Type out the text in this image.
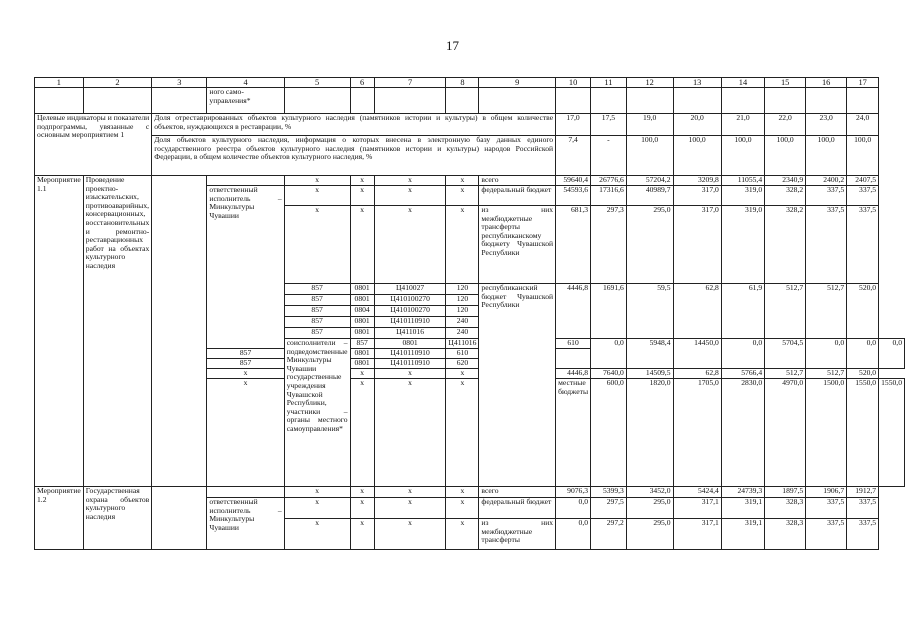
17
1	2	3	4	5	6	7	8	9	10	11	12	13	14	15	16	17	
			ного само-управления*														
Целевые индикаторы и показатели подпрограммы, увязанные с основным мероприятием 1		Доля отреставрированных объектов культурного наследия (памятников истории и культуры) в общем количестве объектов, нуждающихся в реставрации, %							17,0	17,5	19,0	20,0	21,0	22,0	23,0	24,0	
		Доля объектов культурного наследия, информация о которых внесена в электронную базу данных единого государственного реестра объектов культурного наследия (памятников истории и культуры) народов Российской Федерации, в общем количестве объектов культурного наследия, %							7,4	-	100,0	100,0	100,0	100,0	100,0	100,0	
Мероприятие 1.1	Проведение проектно-изыскательских, противоаварийных, консервационных, восстановительных и ремонтно-реставрационных работ на объектах культурного наследия			x	x	x	x	всего	59640,4	26776,6	57204,2	3209,8	11055,4	2340,9	2400,2	2407,5	
			ответственный исполнитель – Минкультуры Чувашии	x	x	x	x	федеральный бюджет	54593,6	17316,6	40989,7	317,0	319,0	328,2	337,5	337,5	
				x	x	x	x	из них межбюджетные трансферты республиканскому бюджету Чувашской Республики	681,3	297,3	295,0	317,0	319,0	328,2	337,5	337,5	
				857	0801	Ц410027	120	республиканский бюджет Чувашской Республики	4446,8	1691,6	59,5	62,8	61,9	512,7	512,7	520,0	
				857	0801	Ц410100270	120										
				857	0804	Ц410100270	120										
				857	0801	Ц410110910	240										
				857	0801	Ц411016	240										
				соисполнители – подведомственные Минкультуры Чувашии государственные учреждения Чувашской Республики, участники – органы местного самоуправления*	857	0801	Ц411016		610	0,0	5948,4	14450,0	0,0	5704,5	0,0	0,0	0,0
			857		0801	Ц410110910	610										
			857		0801	Ц410110910	620										
			x		x	x	x		4446,8	7640,0	14509,5	62,8	5766,4	512,7	512,7	520,0	
			x		x	x	x		местные бюджеты	600,0	1820,0	1705,0	2830,0	4970,0	1500,0	1550,0	1550,0
Мероприятие 1.2	Государственная охрана объектов культурного наследия			x	x	x	x	всего	9076,3	5399,3	3452,0	5424,4	24739,3	1897,5	1906,7	1912,7	
			ответственный исполнитель – Минкультуры Чувашии	x	x	x	x	федеральный бюджет	0,0	297,5	295,0	317,1	319,1	328,3	337,5	337,5	
				x	x	x	x	из них межбюджетные трансферты	0,0	297,2	295,0	317,1	319,1	328,3	337,5	337,5	
